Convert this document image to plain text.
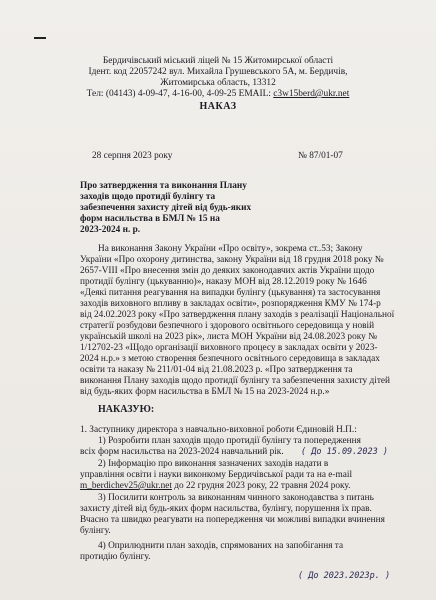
Бердичівський міський ліцей № 15 Житомирської області
Ідент. код 22057242 вул. Михайла Грушевського 5А, м. Бердичів,
Житомирська область, 13312
Тел: (04143) 4-09-47, 4-16-00, 4-09-25 EMAIL: с3w15berd@ukr.net
НАКАЗ
28 серпня 2023 року	№ 87/01-07
Про затвердження та виконання Плану
заходів щодо протидії булінгу та
забезпечення захисту дітей від будь-яких
форм насильства в БМЛ № 15 на
2023-2024 н. р.
На виконання Закону України «Про освіту», зокрема ст..53; Закону
України «Про охорону дитинства, закону України від 18 грудня 2018 року №
2657-VIII «Про внесення змін до деяких законодавчих актів України щодо
протидії булінгу (цькуванню)», наказу МОН від 28.12.2019 року № 1646
«Деякі питання реагування на випадки булінгу (цькування) та застосування
заходів виховного впливу в закладах освіти», розпорядження КМУ № 174-р
від 24.02.2023 року «Про затвердження плану заходів з реалізації Національної
стратегії розбудови безпечного і здорового освітнього середовища у новій
українській школі на 2023 рік», листа МОН України від 24.08.2023 року №
1/12702-23 «Щодо організації виховного процесу в закладах освіти у 2023-
2024 н.р.» з метою створення безпечного освітнього середовища в закладах
освіти та наказу № 211/01-04 від 21.08.2023 р. «Про затвердження та
виконання Плану заходів щодо протидії булінгу та забезпечення захисту дітей
від будь-яких форм насильства в БМЛ № 15 на 2023-2024 н.р.»
НАКАЗУЮ:
1. Заступнику директора з навчально-виховної роботи Єдиновій Н.П.:
1) Розробити план заходів щодо протидії булінгу та попередження
всіх форм насильства на 2023-2024 навчальний рік. ( До 15.09.2023 )
2) Інформацію про виконання зазначених заходів надати в
управління освіти і науки виконкому Бердичівської ради та на e-mail
m_berdichev25@ukr.net до 22 грудня 2023 року, 22 травня 2024 року.
3) Посилити контроль за виконанням чинного законодавства з питань
захисту дітей від будь-яких форм насильства, булінгу, порушення їх прав.
Вчасно та швидко реагувати на попередження чи можливі випадки вчинення
булінгу.
4) Оприлюднити план заходів, спрямованих на запобігання та
протидію булінгу.
( До 2023.2023р. )
